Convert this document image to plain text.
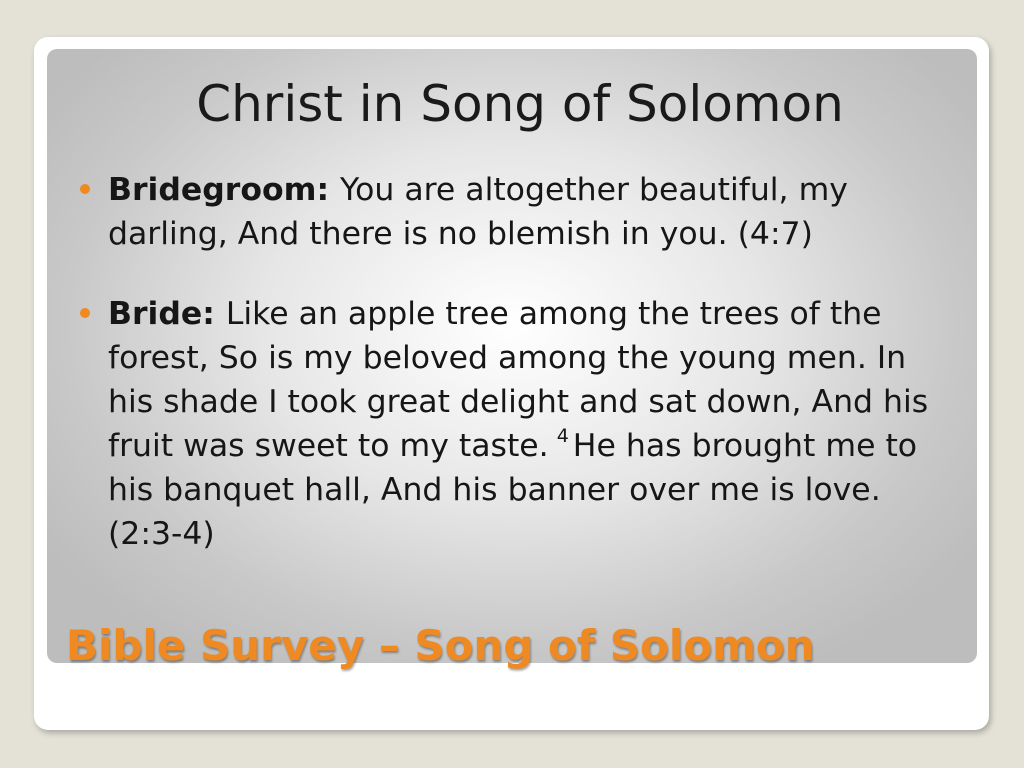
Christ in Song of Solomon
Bridegroom: You are altogether beautiful, my darling, And there is no blemish in you. (4:7)
Bride: Like an apple tree among the trees of the forest, So is my beloved among the young men. In his shade I took great delight and sat down, And his fruit was sweet to my taste. $^4$ He has brought me to his banquet hall, And his banner over me is love. (2:3-4)
Bible Survey – Song of Solomon
